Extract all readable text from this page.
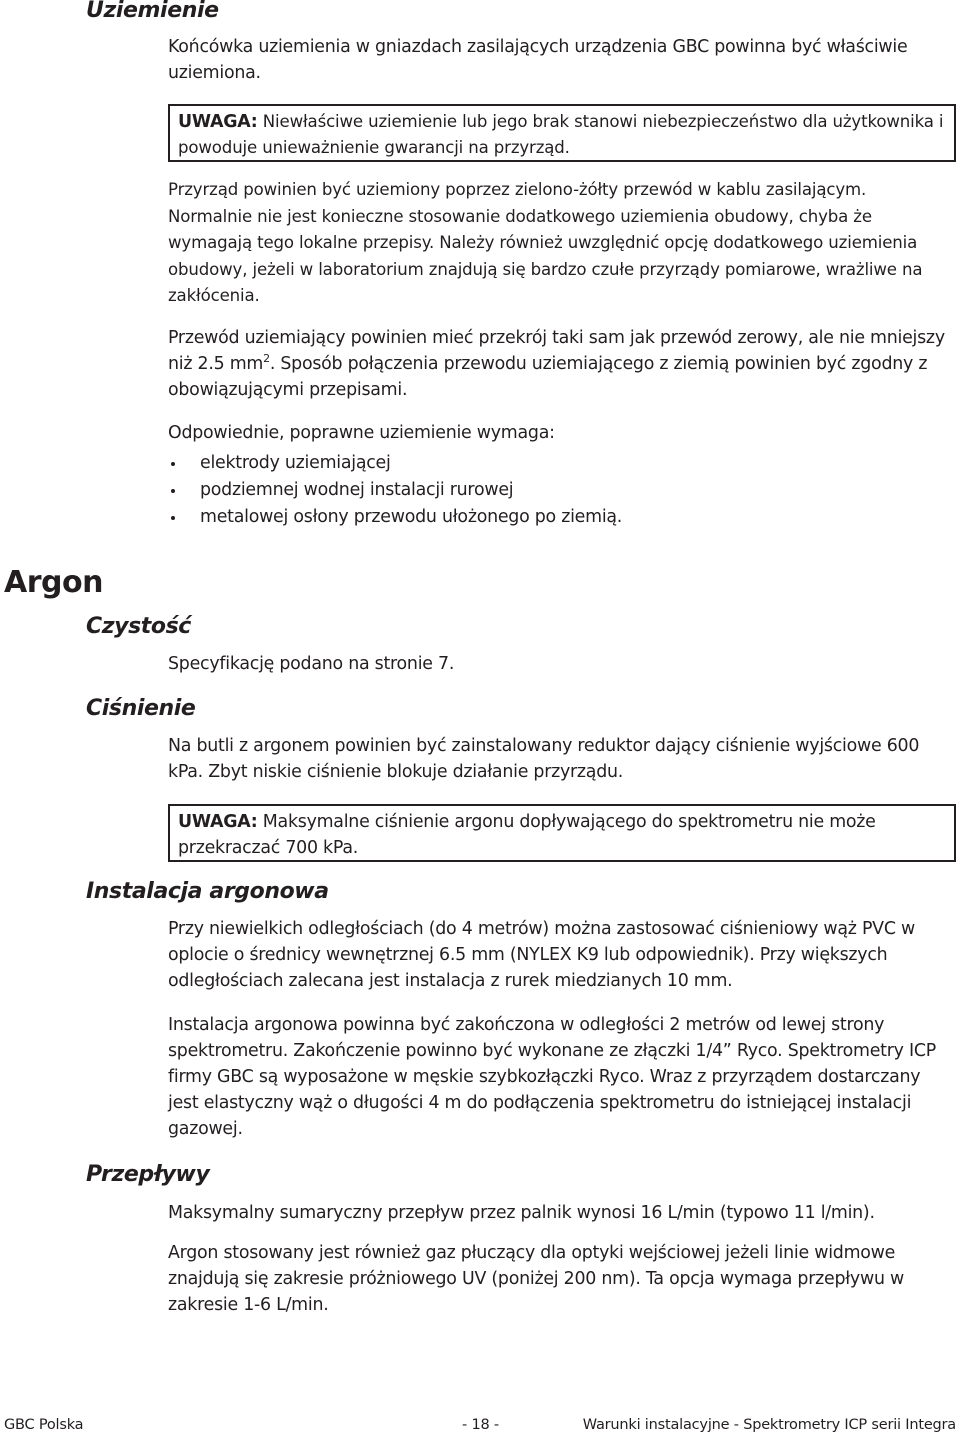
Uziemienie

Końcówka uziemienia w gniazdach zasilających urządzenia GBC powinna być właściwie uziemiona.

UWAGA: Niewłaściwe uziemienie lub jego brak stanowi niebezpieczeństwo dla użytkownika i powoduje unieważnienie gwarancji na przyrząd.

Przyrząd powinien być uziemiony poprzez zielono-żółty przewód w kablu zasilającym. Normalnie nie jest konieczne stosowanie dodatkowego uziemienia obudowy, chyba że wymagają tego lokalne przepisy. Należy również uwzględnić opcję dodatkowego uziemienia obudowy, jeżeli w laboratorium znajdują się bardzo czułe przyrządy pomiarowe, wrażliwe na zakłócenia.

Przewód uziemiający powinien mieć przekrój taki sam jak przewód zerowy, ale nie mniejszy niż 2.5 $mm^2$. Sposób połączenia przewodu uziemiającego z ziemią powinien być zgodny z obowiązującymi przepisami.

Odpowiednie, poprawne uziemienie wymaga:

elektrody uziemiającej
podziemnej wodnej instalacji rurowej
metalowej osłony przewodu ułożonego po ziemią.
Argon
Czystość

Specyfikację podano na stronie 7.

Ciśnienie

Na butli z argonem powinien być zainstalowany reduktor dający ciśnienie wyjściowe 600 kPa. Zbyt niskie ciśnienie blokuje działanie przyrządu.

UWAGA: Maksymalne ciśnienie argonu dopływającego do spektrometru nie może przekraczać 700 kPa.
Instalacja argonowa

Przy niewielkich odległościach (do 4 metrów) można zastosować ciśnieniowy wąż PVC w oplocie o średnicy wewnętrznej 6.5 mm (NYLEX K9 lub odpowiednik). Przy większych odległościach zalecana jest instalacja z rurek miedzianych 10 mm.

Instalacja argonowa powinna być zakończona w odległości 2 metrów od lewej strony spektrometru. Zakończenie powinno być wykonane ze złączki 1/4” Ryco. Spektrometry ICP firmy GBC są wyposażone w męskie szybkozłączki Ryco. Wraz z przyrządem dostarczany jest elastyczny wąż o długości 4 m do podłączenia spektrometru do istniejącej instalacji gazowej.

Przepływy

Maksymalny sumaryczny przepływ przez palnik wynosi 16 L/min (typowo 11 l/min).

Argon stosowany jest również gaz płuczący dla optyki wejściowej jeżeli linie widmowe znajdują się zakresie próżniowego UV (poniżej 200 nm). Ta opcja wymaga przepływu w zakresie 1-6 L/min.

GBC Polska	- 18 -	Warunki instalacyjne - Spektrometry ICP serii Integra
